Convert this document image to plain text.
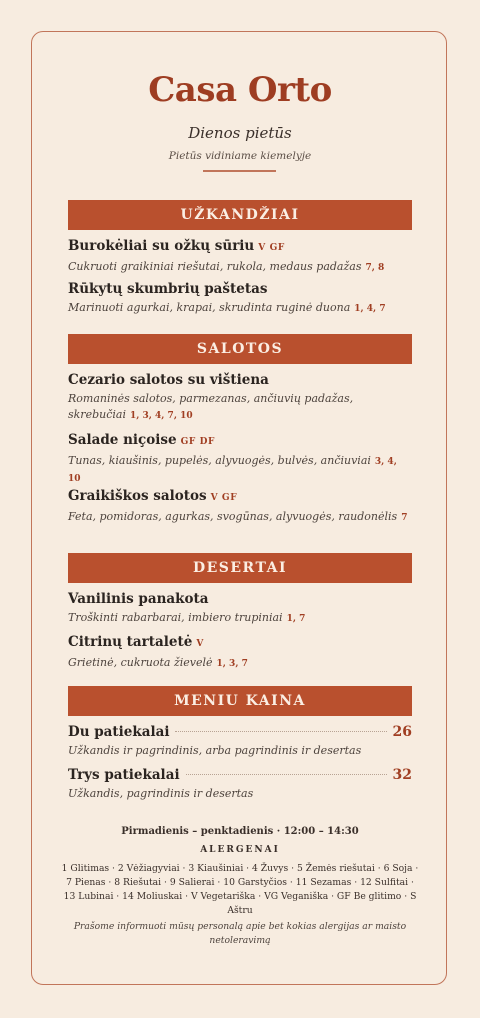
Casa Orto
Dienos pietūs
Pietūs vidiniame kiemelyje
UŽKANDŽIAI
Burokėliai su ožkų sūriu V GF
Cukruoti graikiniai riešutai, rukola, medaus padažas 7, 8
Rūkytų skumbrių paštetas
Marinuoti agurkai, krapai, skrudinta ruginė duona 1, 4, 7
SALOTOS
Cezario salotos su vištiena
Romaninės salotos, parmezanas, ančiuvių padažas, skrebučiai 1, 3, 4, 7, 10
Salade niçoise GF DF
Tunas, kiaušinis, pupelės, alyvuogės, bulvės, ančiuviai 3, 4, 10
Graikiškos salotos V GF
Feta, pomidoras, agurkas, svogūnas, alyvuogės, raudonėlis 7
DESERTAI
Vanilinis panakota
Troškinti rabarbarai, imbiero trupiniai 1, 7
Citrinų tartaletė V
Grietinė, cukruota žievelė 1, 3, 7
MENIU KAINA
Du patiekalai	26
Užkandis ir pagrindinis, arba pagrindinis ir desertas
Trys patiekalai	32
Užkandis, pagrindinis ir desertas
Pirmadienis – penktadienis · 12:00 – 14:30
ALERGENAI
1 Glitimas · 2 Vėžiagyviai · 3 Kiaušiniai · 4 Žuvys · 5 Žemės riešutai · 6 Soja · 7 Pienas · 8 Riešutai · 9 Salierai · 10 Garstyčios · 11 Sezamas · 12 Sulfitai · 13 Lubinai · 14 Moliuskai · V Vegetariška · VG Veganiška · GF Be glitimo · S Aštru
Prašome informuoti mūsų personalą apie bet kokias alergijas ar maisto netoleravimą
